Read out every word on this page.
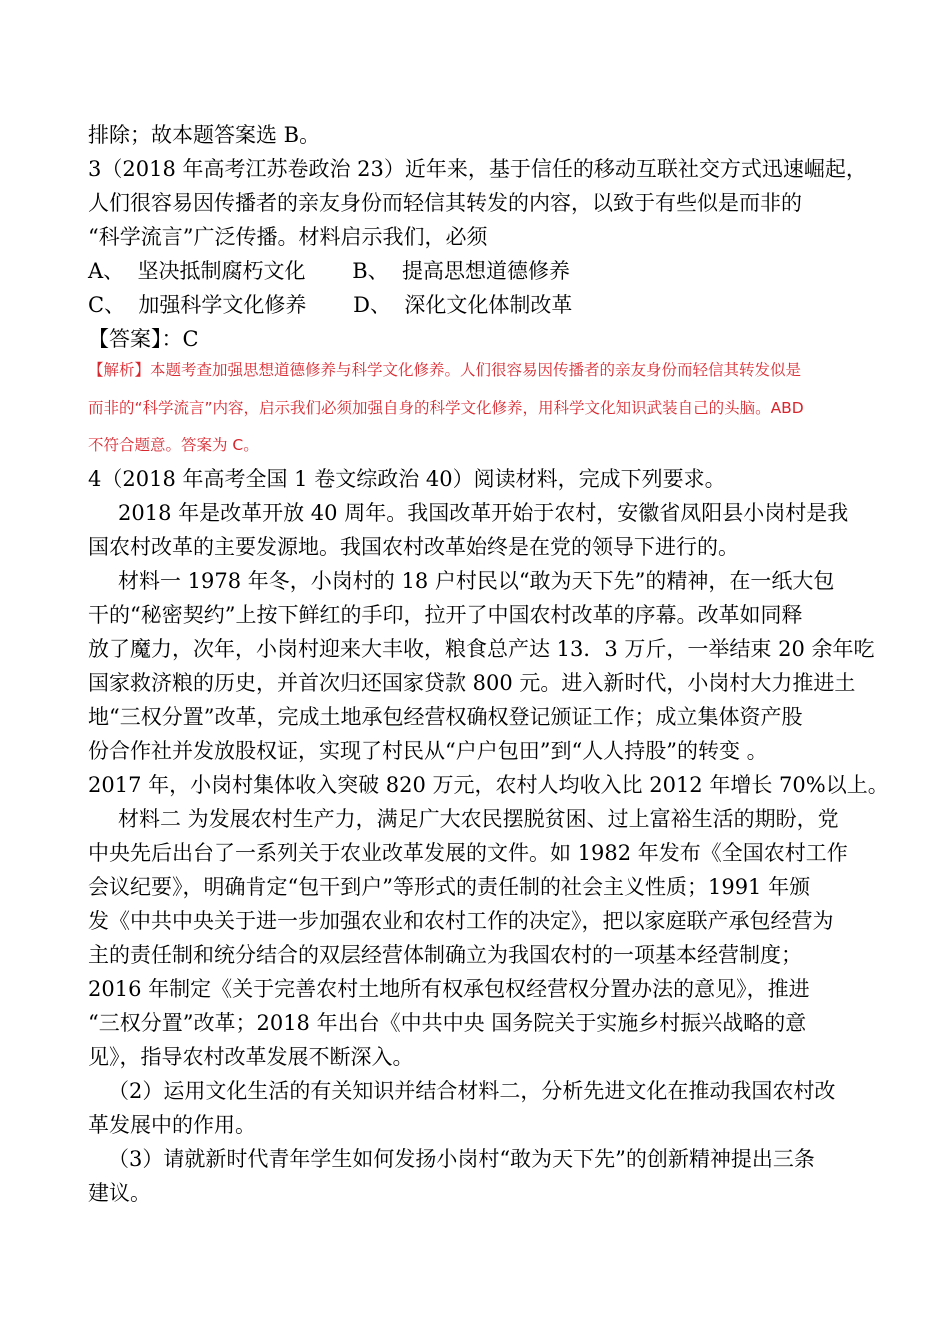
排除；故本题答案选 B。
3（2018 年高考江苏卷政治 23）近年来，基于信任的移动互联社交方式迅速崛起，
人们很容易因传播者的亲友身份而轻信其转发的内容，以致于有些似是而非的
“科学流言”广泛传播。材料启示我们，必须
A、  坚决抵制腐朽文化       B、  提高思想道德修养
C、  加强科学文化修养       D、  深化文化体制改革
【答案】：C
【解析】本题考查加强思想道德修养与科学文化修养。人们很容易因传播者的亲友身份而轻信其转发似是
而非的“科学流言”内容，启示我们必须加强自身的科学文化修养，用科学文化知识武装自己的头脑。ABD
不符合题意。答案为 C。
4（2018 年高考全国 1 卷文综政治 40）阅读材料，完成下列要求。
2018 年是改革开放 40 周年。我国改革开始于农村，安徽省凤阳县小岗村是我
国农村改革的主要发源地。我国农村改革始终是在党的领导下进行的。
材料一 1978 年冬，小岗村的 18 户村民以“敢为天下先”的精神，在一纸大包
干的“秘密契约”上按下鲜红的手印，拉开了中国农村改革的序幕。改革如同释
放了魔力，次年，小岗村迎来大丰收，粮食总产达 13．3 万斤，一举结束 20 余年吃
国家救济粮的历史，并首次归还国家贷款 800 元。进入新时代，小岗村大力推进土
地“三权分置”改革，完成土地承包经营权确权登记颁证工作；成立集体资产股
份合作社并发放股权证，实现了村民从“户户包田”到“人人持股”的转变 。
2017 年，小岗村集体收入突破 820 万元，农村人均收入比 2012 年增长 70%以上。
材料二 为发展农村生产力，满足广大农民摆脱贫困、过上富裕生活的期盼，党
中央先后出台了一系列关于农业改革发展的文件。如 1982 年发布《全国农村工作
会议纪要》，明确肯定“包干到户”等形式的责任制的社会主义性质；1991 年颁
发《中共中央关于进一步加强农业和农村工作的决定》，把以家庭联产承包经营为
主的责任制和统分结合的双层经营体制确立为我国农村的一项基本经营制度；
2016 年制定《关于完善农村土地所有权承包权经营权分置办法的意见》，推进
“三权分置”改革；2018 年出台《中共中央 国务院关于实施乡村振兴战略的意
见》，指导农村改革发展不断深入。
（2）运用文化生活的有关知识并结合材料二，分析先进文化在推动我国农村改
革发展中的作用。
（3）请就新时代青年学生如何发扬小岗村“敢为天下先”的创新精神提出三条
建议。
